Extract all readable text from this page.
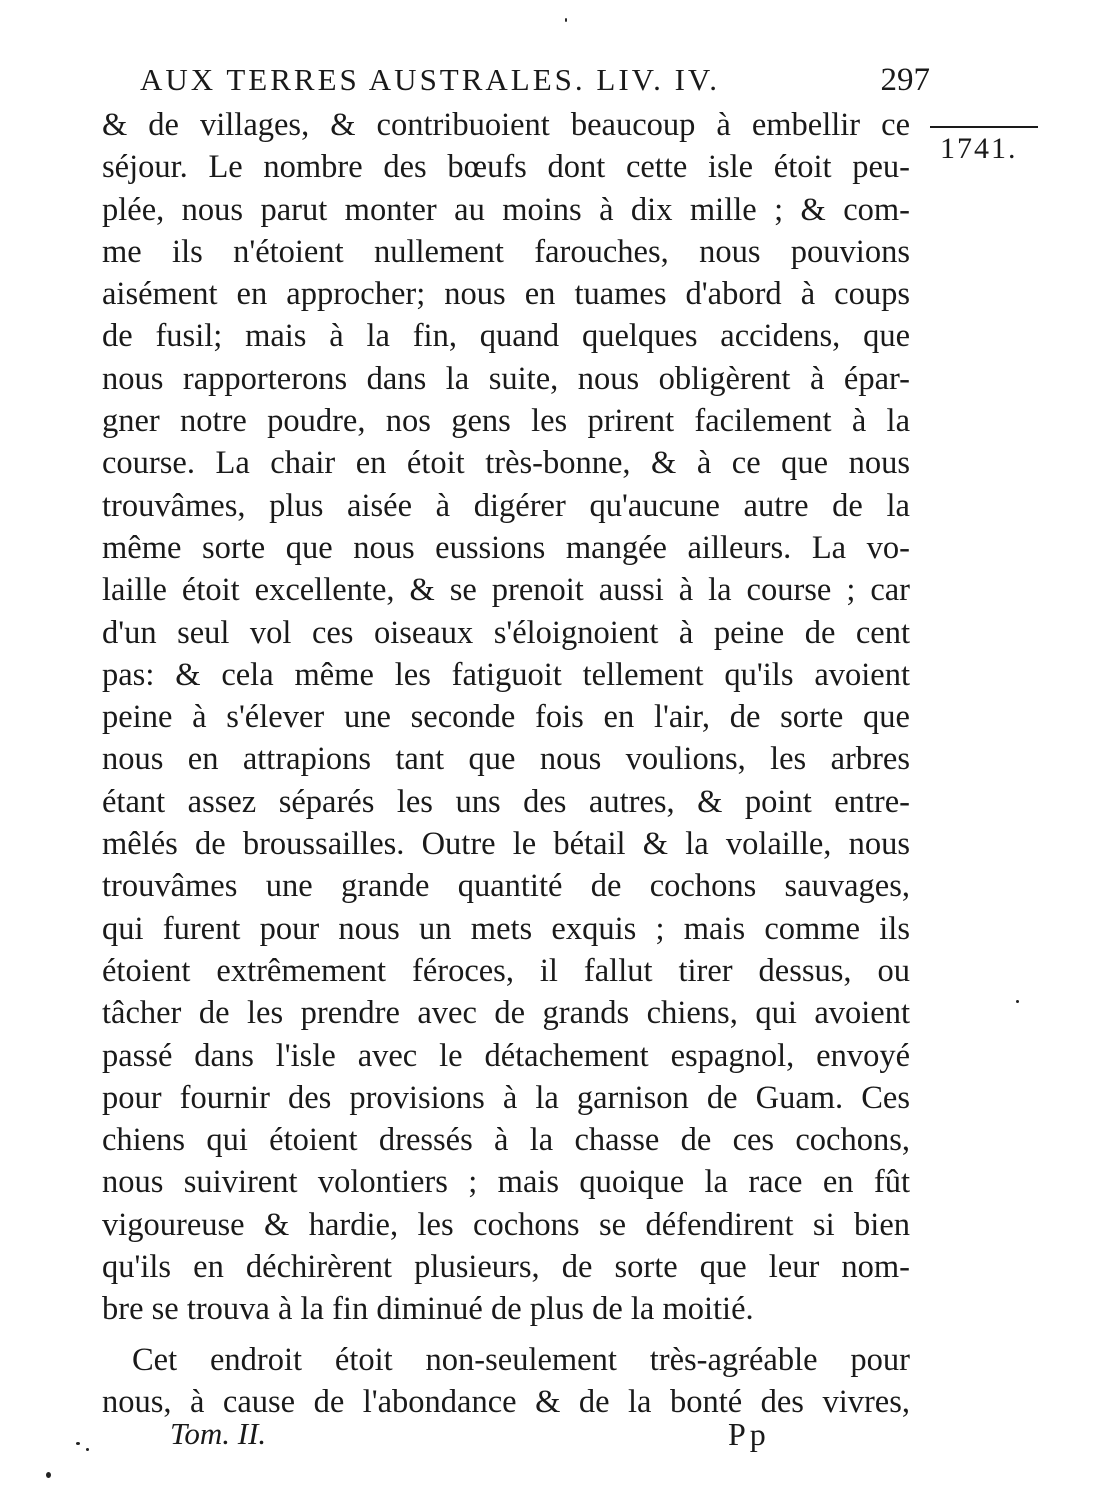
AUX TERRES AUSTRALES. LIV. IV.	297
1741.
& de villages, & contribuoient beaucoup à embellir ce
séjour. Le nombre des bœufs dont cette isle étoit peu-
plée, nous parut monter au moins à dix mille ; & com-
me ils n'étoient nullement farouches, nous pouvions
aisément en approcher; nous en tuames d'abord à coups
de fusil; mais à la fin, quand quelques accidens, que
nous rapporterons dans la suite, nous obligèrent à épar-
gner notre poudre, nos gens les prirent facilement à la
course. La chair en étoit très-bonne, & à ce que nous
trouvâmes, plus aisée à digérer qu'aucune autre de la
même sorte que nous eussions mangée ailleurs. La vo-
laille étoit excellente, & se prenoit aussi à la course ; car
d'un seul vol ces oiseaux s'éloignoient à peine de cent
pas: & cela même les fatiguoit tellement qu'ils avoient
peine à s'élever une seconde fois en l'air, de sorte que
nous en attrapions tant que nous voulions, les arbres
étant assez séparés les uns des autres, & point entre-
mêlés de broussailles. Outre le bétail & la volaille, nous
trouvâmes une grande quantité de cochons sauvages,
qui furent pour nous un mets exquis ; mais comme ils
étoient extrêmement féroces, il fallut tirer dessus, ou
tâcher de les prendre avec de grands chiens, qui avoient
passé dans l'isle avec le détachement espagnol, envoyé
pour fournir des provisions à la garnison de Guam. Ces
chiens qui étoient dressés à la chasse de ces cochons,
nous suivirent volontiers ; mais quoique la race en fût
vigoureuse & hardie, les cochons se défendirent si bien
qu'ils en déchirèrent plusieurs, de sorte que leur nom-
bre se trouva à la fin diminué de plus de la moitié.
Cet endroit étoit non-seulement très-agréable pour
nous, à cause de l'abondance & de la bonté des vivres,
Tom. II.	Pp
